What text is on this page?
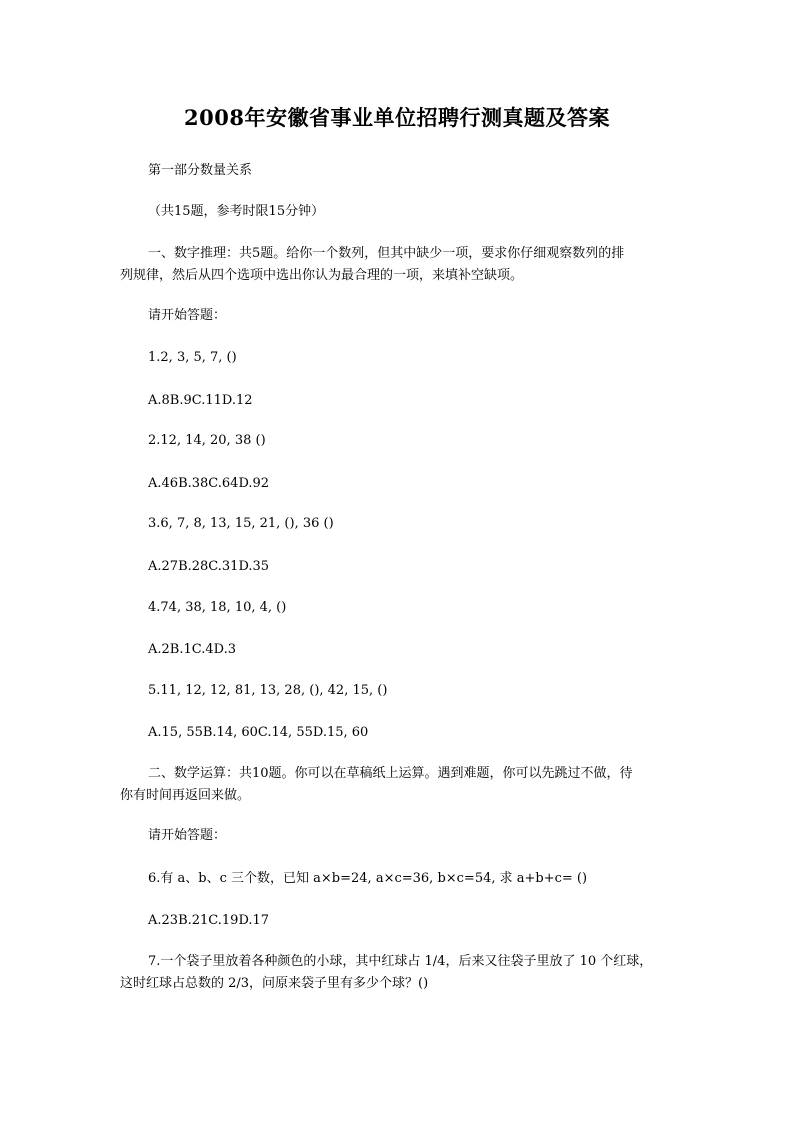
2008年安徽省事业单位招聘行测真题及答案
第一部分数量关系
（共15题，参考时限15分钟）
一、数字推理：共5题。给你一个数列，但其中缺少一项，要求你仔细观察数列的排
列规律，然后从四个选项中选出你认为最合理的一项，来填补空缺项。
请开始答题：
1.2, 3, 5, 7, ()
A.8B.9C.11D.12
2.12, 14, 20, 38 ()
A.46B.38C.64D.92
3.6, 7, 8, 13, 15, 21, (), 36 ()
A.27B.28C.31D.35
4.74, 38, 18, 10, 4, ()
A.2B.1C.4D.3
5.11, 12, 12, 81, 13, 28, (), 42, 15, ()
A.15, 55B.14, 60C.14, 55D.15, 60
二、数学运算：共10题。你可以在草稿纸上运算。遇到难题，你可以先跳过不做，待
你有时间再返回来做。
请开始答题：
6.有 a、b、c 三个数，已知 a×b=24, a×c=36, b×c=54, 求 a+b+c= ()
A.23B.21C.19D.17
7.一个袋子里放着各种颜色的小球，其中红球占 1/4，后来又往袋子里放了 10 个红球，
这时红球占总数的 2/3，问原来袋子里有多少个球？()
